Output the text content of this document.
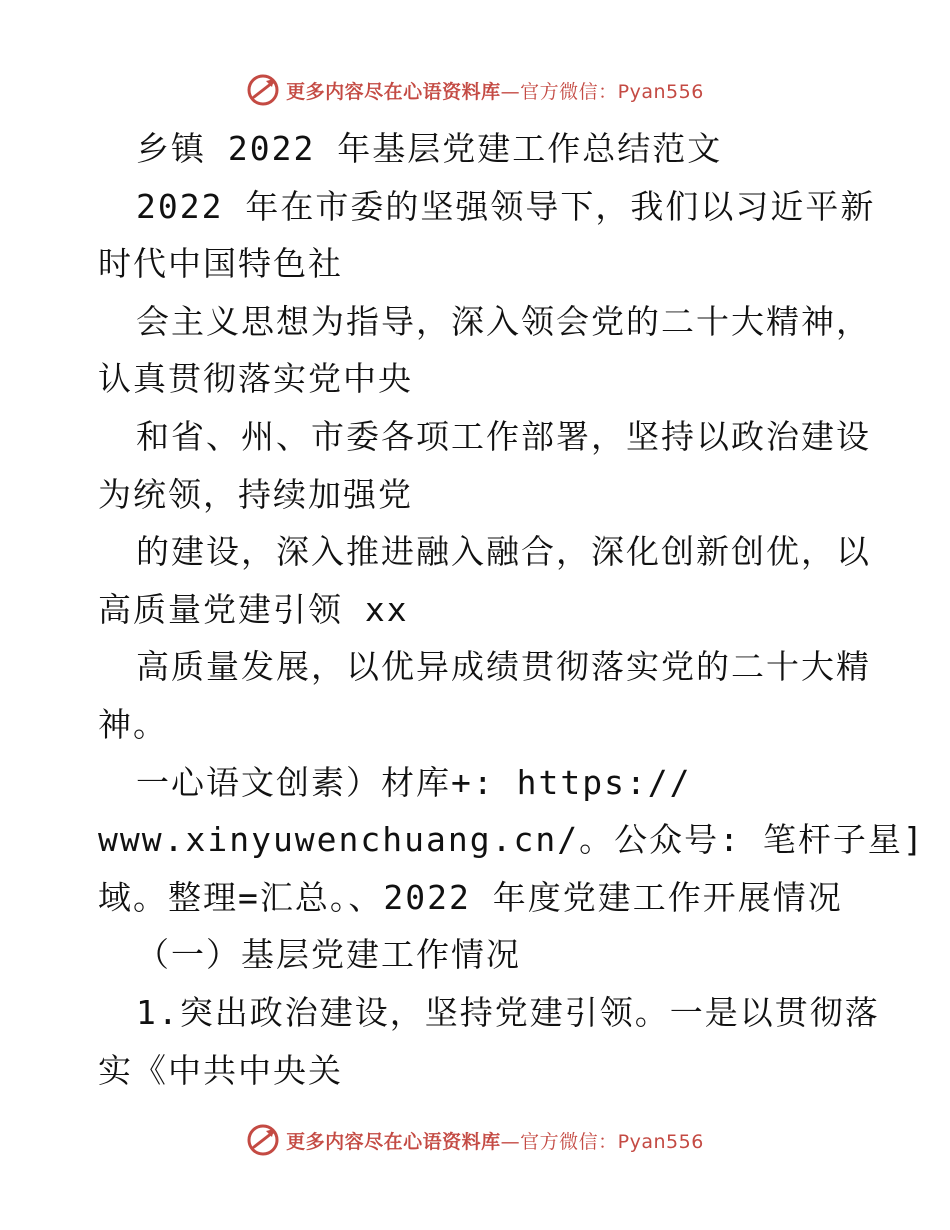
更多内容尽在心语资料库—官方微信：Pyan556
乡镇 2022 年基层党建工作总结范文
2022 年在市委的坚强领导下，我们以习近平新
时代中国特色社
会主义思想为指导，深入领会党的二十大精神，
认真贯彻落实党中央
和省、州、市委各项工作部署，坚持以政治建设
为统领，持续加强党
的建设，深入推进融入融合，深化创新创优，以
高质量党建引领 xx
高质量发展，以优异成绩贯彻落实党的二十大精
神。
一心语文创素）材库+: https://
www.xinyuwenchuang.cn/。公众号: 笔杆子星]
域。整理=汇总。、2022 年度党建工作开展情况
（一）基层党建工作情况
1.突出政治建设，坚持党建引领。一是以贯彻落
实《中共中央关
更多内容尽在心语资料库—官方微信：Pyan556
